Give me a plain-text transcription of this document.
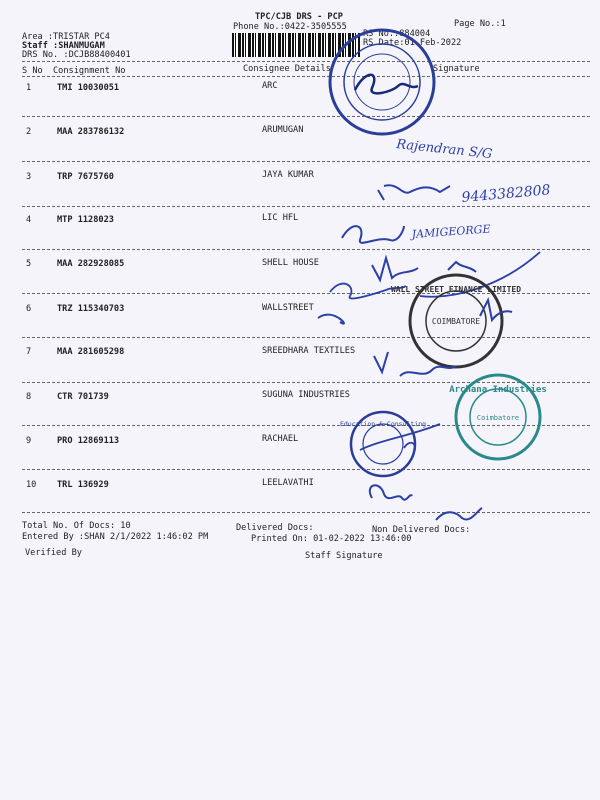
TPC/CJB DRS - PCP
Phone No.:0422-3505555	Page No.:1
Area :TRISTAR PC4
Staff :SHANMUGAM
DRS No. :DCJB88400401
RS No.:884004
RS Date:01-Feb-2022
S No Consignment No	Consignee Details	Signature
1	TMI 10030051	ARC
2	MAA 283786132	ARUMUGAN
3	TRP 7675760	JAYA KUMAR
4	MTP 1128023	LIC HFL
5	MAA 282928085	SHELL HOUSE
6	TRZ 115340703	WALLSTREET
7	MAA 281605298	SREEDHARA TEXTILES
8	CTR 701739	SUGUNA INDUSTRIES
9	PRO 12869113	RACHAEL
10 TRL 136929	LEELAVATHI
Total No. Of Docs: 10	Delivered Docs:	Non Delivered Docs:
Entered By :SHAN 2/1/2022 1:46:02 PM	Printed On: 01-02-2022 13:46:00
Verified By	Staff Signature
Rajendran S/G
9443382808
JAMIGEORGE
WALL STREET FINANCE LIMITED
COIMBATORE
Archana Industries
Coimbatore
Education & Consulting
